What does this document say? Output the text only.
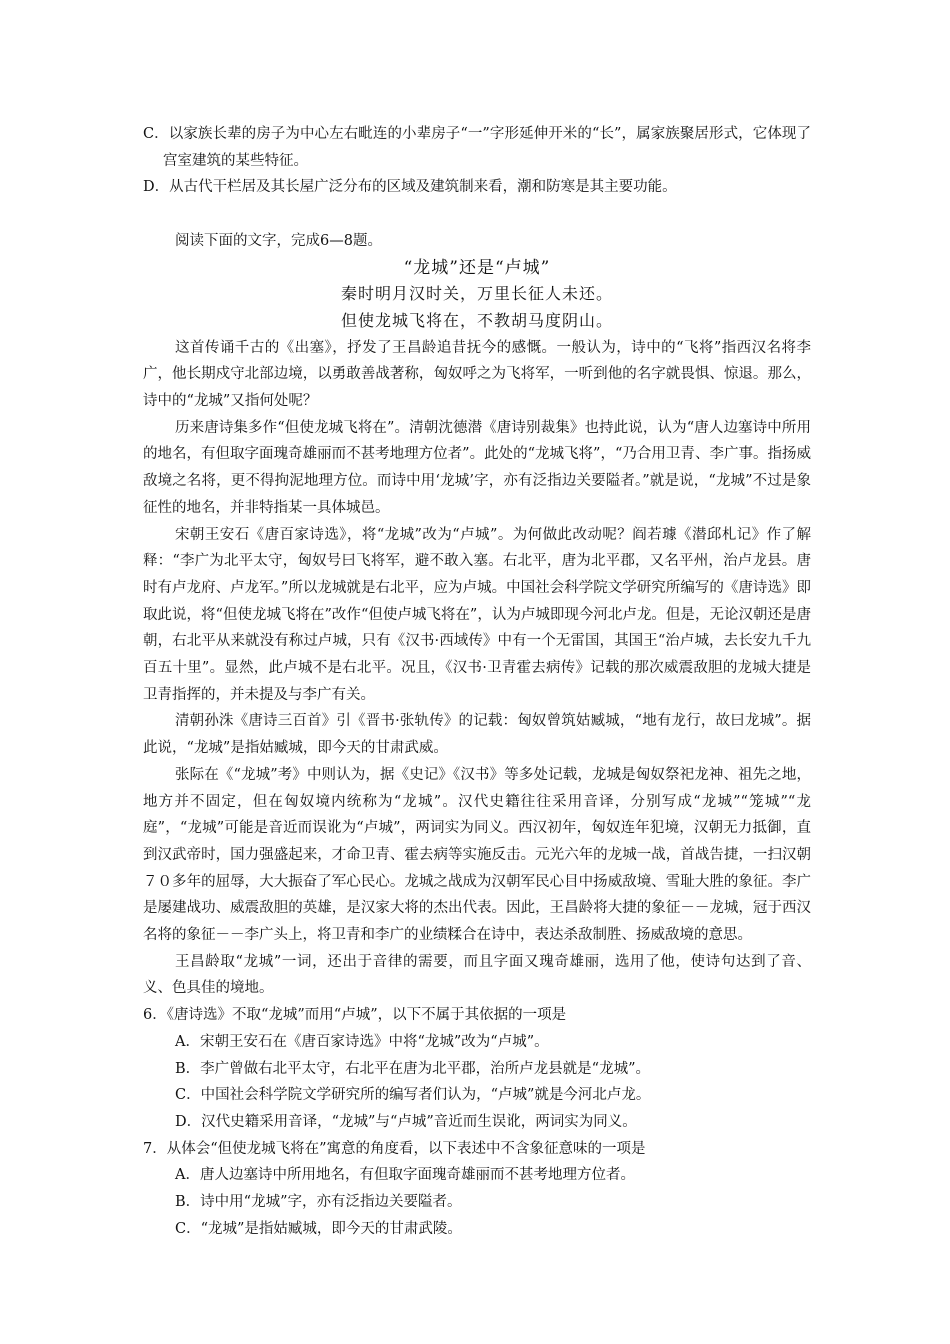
C．以家族长辈的房子为中心左右毗连的小辈房子“一”字形延伸开米的“长”，属家族聚居形式，它体现了宫室建筑的某些特征。

D．从古代干栏居及其长屋广泛分布的区域及建筑制来看，潮和防寒是其主要功能。

阅读下面的文字，完成6—8题。

“龙城”还是“卢城”

秦时明月汉时关，万里长征人未还。

但使龙城飞将在，不教胡马度阴山。

这首传诵千古的《出塞》，抒发了王昌龄追昔抚今的感慨。一般认为，诗中的“飞将”指西汉名将李广，他长期戍守北部边境，以勇敢善战著称，匈奴呼之为飞将军，一听到他的名字就畏惧、惊退。那么，诗中的“龙城”又指何处呢？

历来唐诗集多作“但使龙城飞将在”。清朝沈德潜《唐诗别裁集》也持此说，认为“唐人边塞诗中所用的地名，有但取字面瑰奇雄丽而不甚考地理方位者”。此处的“龙城飞将”，“乃合用卫青、李广事。指扬威敌境之名将，更不得拘泥地理方位。而诗中用‘龙城’字，亦有泛指边关要隘者。”就是说，“龙城”不过是象征性的地名，并非特指某一具体城邑。

宋朝王安石《唐百家诗选》，将“龙城”改为“卢城”。为何做此改动呢？阎若璩《潜邱札记》作了解释：“李广为北平太守，匈奴号曰飞将军，避不敢入塞。右北平，唐为北平郡，又名平州，治卢龙县。唐时有卢龙府、卢龙军。”所以龙城就是右北平，应为卢城。中国社会科学院文学研究所编写的《唐诗选》即取此说，将“但使龙城飞将在”改作“但使卢城飞将在”，认为卢城即现今河北卢龙。但是，无论汉朝还是唐朝，右北平从来就没有称过卢城，只有《汉书·西域传》中有一个无雷国，其国王“治卢城，去长安九千九百五十里”。显然，此卢城不是右北平。况且，《汉书·卫青霍去病传》记载的那次威震敌胆的龙城大捷是卫青指挥的，并未提及与李广有关。

清朝孙洙《唐诗三百首》引《晋书·张轨传》的记载：匈奴曾筑姑臧城，“地有龙行，故曰龙城”。据此说，“龙城”是指姑臧城，即今天的甘肃武威。

张际在《“龙城”考》中则认为，据《史记》《汉书》等多处记载，龙城是匈奴祭祀龙神、祖先之地，地方并不固定，但在匈奴境内统称为“龙城”。汉代史籍往往采用音译，分别写成“龙城”“笼城”“龙庭”，“龙城”可能是音近而误讹为“卢城”，两词实为同义。西汉初年，匈奴连年犯境，汉朝无力抵御，直到汉武帝时，国力强盛起来，才命卫青、霍去病等实施反击。元光六年的龙城一战，首战告捷，一扫汉朝７０多年的屈辱，大大振奋了军心民心。龙城之战成为汉朝军民心目中扬威敌境、雪耻大胜的象征。李广是屡建战功、威震敌胆的英雄，是汉家大将的杰出代表。因此，王昌龄将大捷的象征－－龙城，冠于西汉名将的象征－－李广头上，将卫青和李广的业绩糅合在诗中，表达杀敌制胜、扬威敌境的意思。

王昌龄取“龙城”一词，还出于音律的需要，而且字面又瑰奇雄丽，选用了他，使诗句达到了音、义、色具佳的境地。

6．《唐诗选》不取“龙城”而用“卢城”，以下不属于其依据的一项是

A．宋朝王安石在《唐百家诗选》中将“龙城”改为“卢城”。

B．李广曾做右北平太守，右北平在唐为北平郡，治所卢龙县就是“龙城”。

C．中国社会科学院文学研究所的编写者们认为，“卢城”就是今河北卢龙。

D．汉代史籍采用音译，“龙城”与“卢城”音近而生误讹，两词实为同义。

7．从体会“但使龙城飞将在”寓意的角度看，以下表述中不含象征意味的一项是

A．唐人边塞诗中所用地名，有但取字面瑰奇雄丽而不甚考地理方位者。

B．诗中用“龙城”字，亦有泛指边关要隘者。

C．“龙城”是指姑臧城，即今天的甘肃武陵。
